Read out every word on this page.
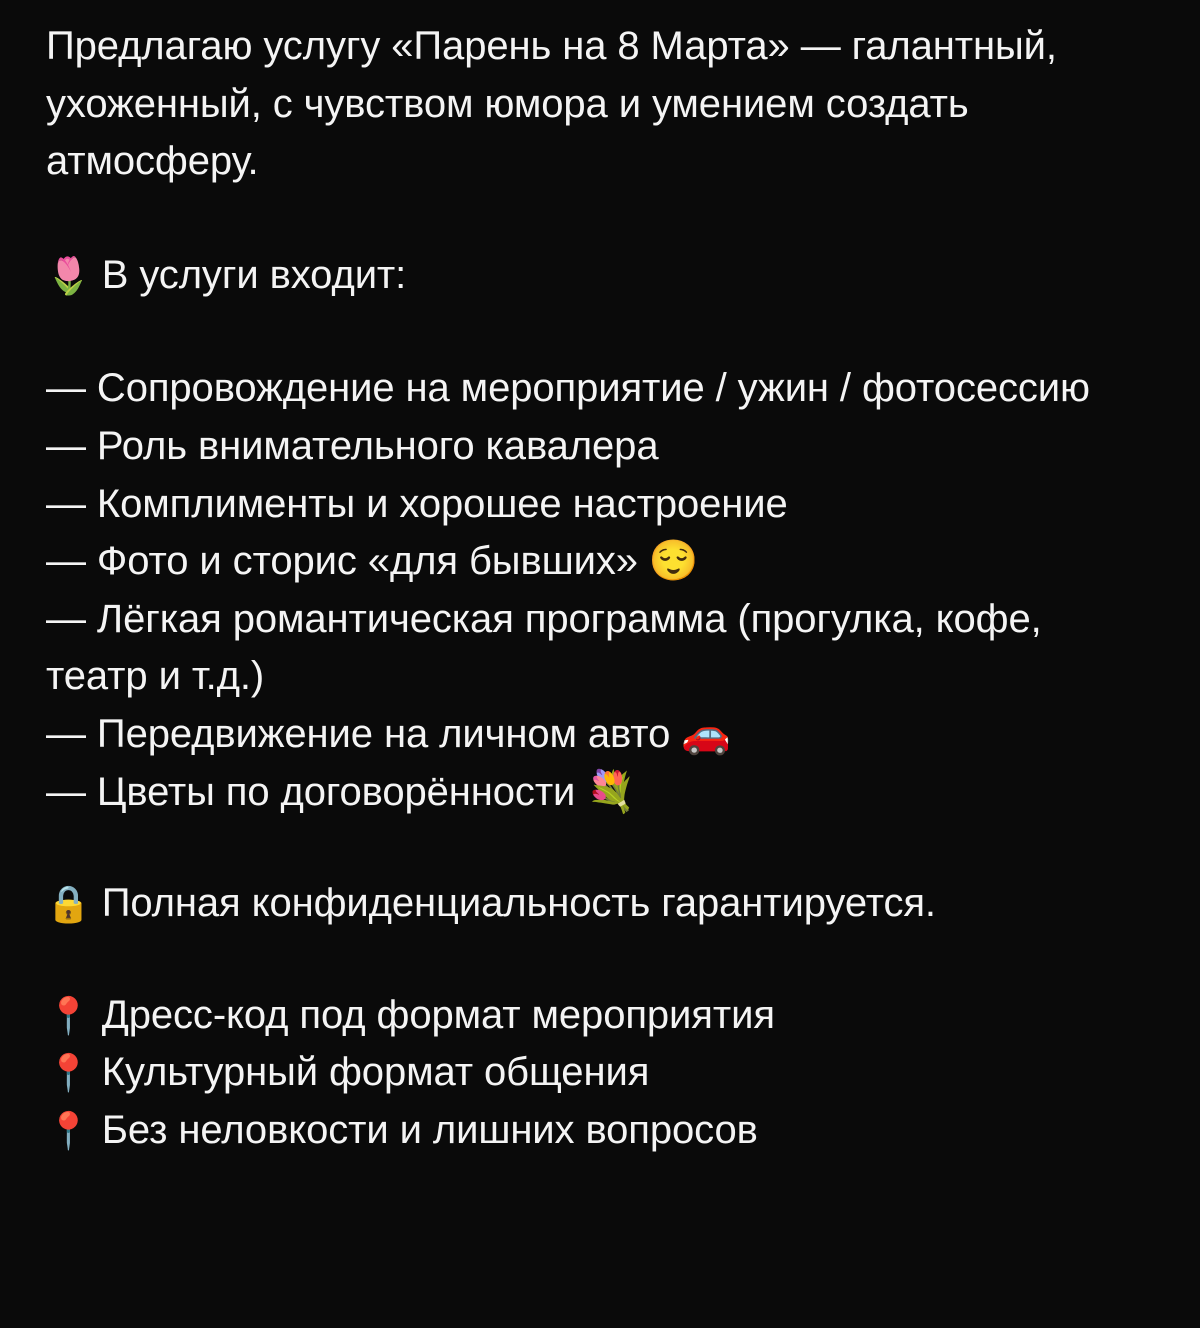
Предлагаю услугу «Парень на 8 Марта» — галантный, ухоженный, с чувством юмора и умением создать атмосферу.

🌷 В услуги входит:

— Сопровождение на мероприятие / ужин / фотосессию

— Роль внимательного кавалера

— Комплименты и хорошее настроение

— Фото и сторис «для бывших» 😌

— Лёгкая романтическая программа (прогулка, кофе, театр и т.д.)

— Передвижение на личном авто 🚗

— Цветы по договорённости 💐

🔒 Полная конфиденциальность гарантируется.

📍 Дресс-код под формат мероприятия

📍 Культурный формат общения

📍 Без неловкости и лишних вопросов
